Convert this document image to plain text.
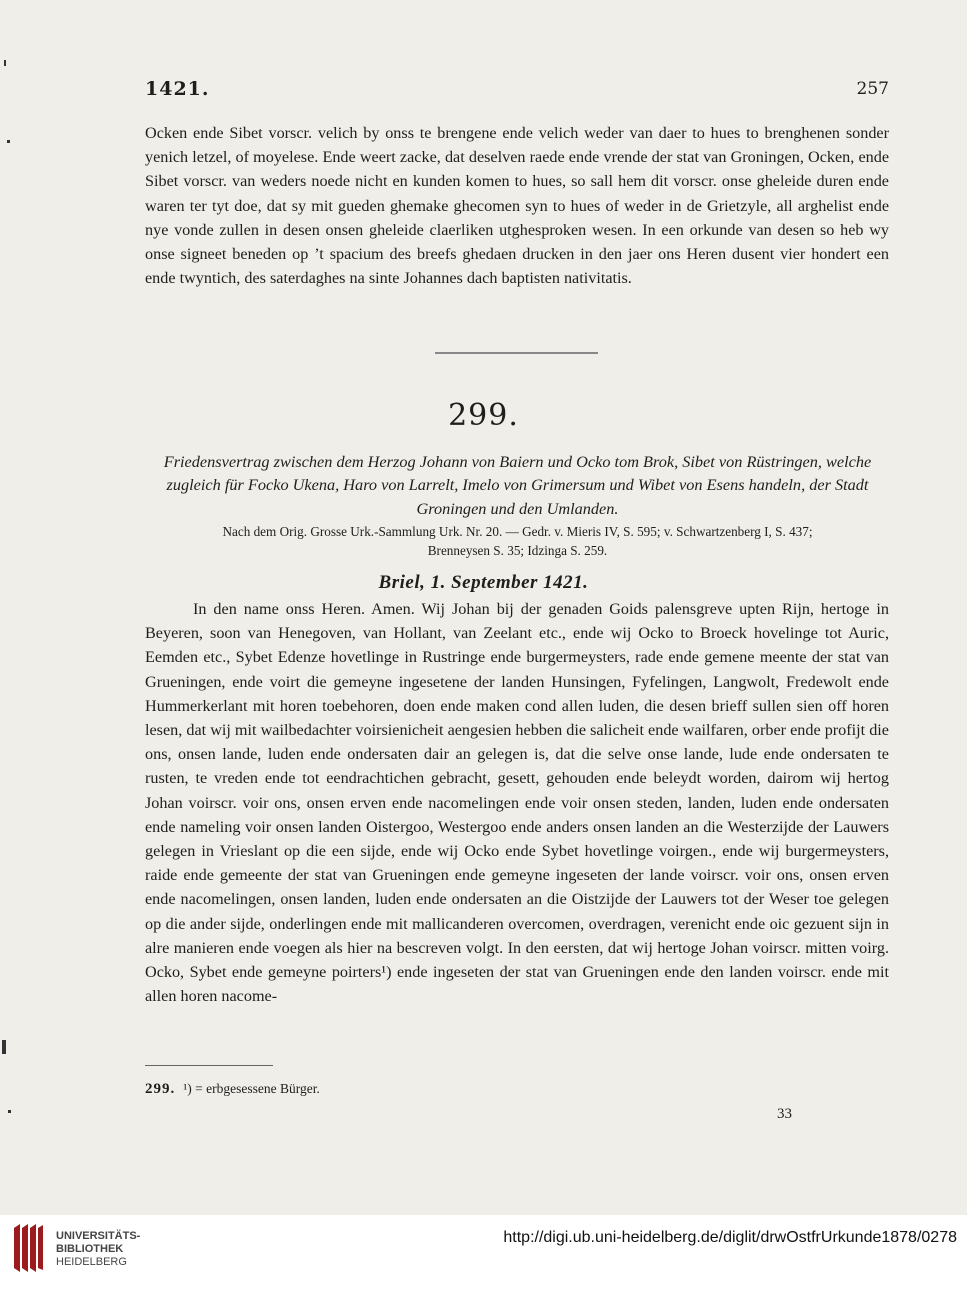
1421.	257

Ocken ende Sibet vorscr. velich by onss te brengene ende velich weder van daer to hues to brenghenen sonder yenich letzel, of moyelese. Ende weert zacke, dat deselven raede ende vrende der stat van Groningen, Ocken, ende Sibet vorscr. van weders noede nicht en kunden komen to hues, so sall hem dit vorscr. onse gheleide duren ende waren ter tyt doe, dat sy mit gueden ghemake ghecomen syn to hues of weder in de Grietzyle, all arghelist ende nye vonde zullen in desen onsen gheleide claerliken utghesproken wesen. In een orkunde van desen so heb wy onse signeet beneden op ’t spacium des breefs ghedaen drucken in den jaer ons Heren dusent vier hondert een ende twyntich, des saterdaghes na sinte Johannes dach baptisten nativitatis.

299.

Friedensvertrag zwischen dem Herzog Johann von Baiern und Ocko tom Brok, Sibet von Rüstringen, welche zugleich für Focko Ukena, Haro von Larrelt, Imelo von Grimersum und Wibet von Esens handeln, der Stadt Groningen und den Umlanden.

Nach dem Orig. Grosse Urk.-Sammlung Urk. Nr. 20. — Gedr. v. Mieris IV, S. 595; v. Schwartzenberg I, S. 437;
Brenneysen S. 35; Idzinga S. 259.

Briel, 1. September 1421.

In den name onss Heren. Amen. Wij Johan bij der genaden Goids palensgreve upten Rijn, hertoge in Beyeren, soon van Henegoven, van Hollant, van Zeelant etc., ende wij Ocko to Broeck hovelinge tot Auric, Eemden etc., Sybet Edenze hovetlinge in Rustringe ende burgermeysters, rade ende gemene meente der stat van Grueningen, ende voirt die gemeyne ingesetene der landen Hunsingen, Fyfelingen, Langwolt, Fredewolt ende Hummerkerlant mit horen toebehoren, doen ende maken cond allen luden, die desen brieff sullen sien off horen lesen, dat wij mit wailbedachter voirsienicheit aengesien hebben die salicheit ende wailfaren, orber ende profijt die ons, onsen lande, luden ende ondersaten dair an gelegen is, dat die selve onse lande, lude ende ondersaten te rusten, te vreden ende tot eendrachtichen gebracht, gesett, gehouden ende beleydt worden, dairom wij hertog Johan voirscr. voir ons, onsen erven ende nacomelingen ende voir onsen steden, landen, luden ende ondersaten ende nameling voir onsen landen Oistergoo, Westergoo ende anders onsen landen an die Westerzijde der Lauwers gelegen in Vrieslant op die een sijde, ende wij Ocko ende Sybet hovetlinge voirgen., ende wij burgermeysters, raide ende gemeente der stat van Grueningen ende gemeyne ingeseten der lande voirscr. voir ons, onsen erven ende nacomelingen, onsen landen, luden ende ondersaten an die Oistzijde der Lauwers tot der Weser toe gelegen op die ander sijde, onderlingen ende mit mallicanderen overcomen, overdragen, verenicht ende oic gezuent sijn in alre manieren ende voegen als hier na bescreven volgt. In den eersten, dat wij hertoge Johan voirscr. mitten voirg. Ocko, Sybet ende gemeyne poirters¹) ende ingeseten der stat van Grueningen ende den landen voirscr. ende mit allen horen nacome-

299. ¹) = erbgesessene Bürger.
33
UNIVERSITÄTS-
BIBLIOTHEK
HEIDELBERG
http://digi.ub.uni-heidelberg.de/diglit/drwOstfrUrkunde1878/0278
